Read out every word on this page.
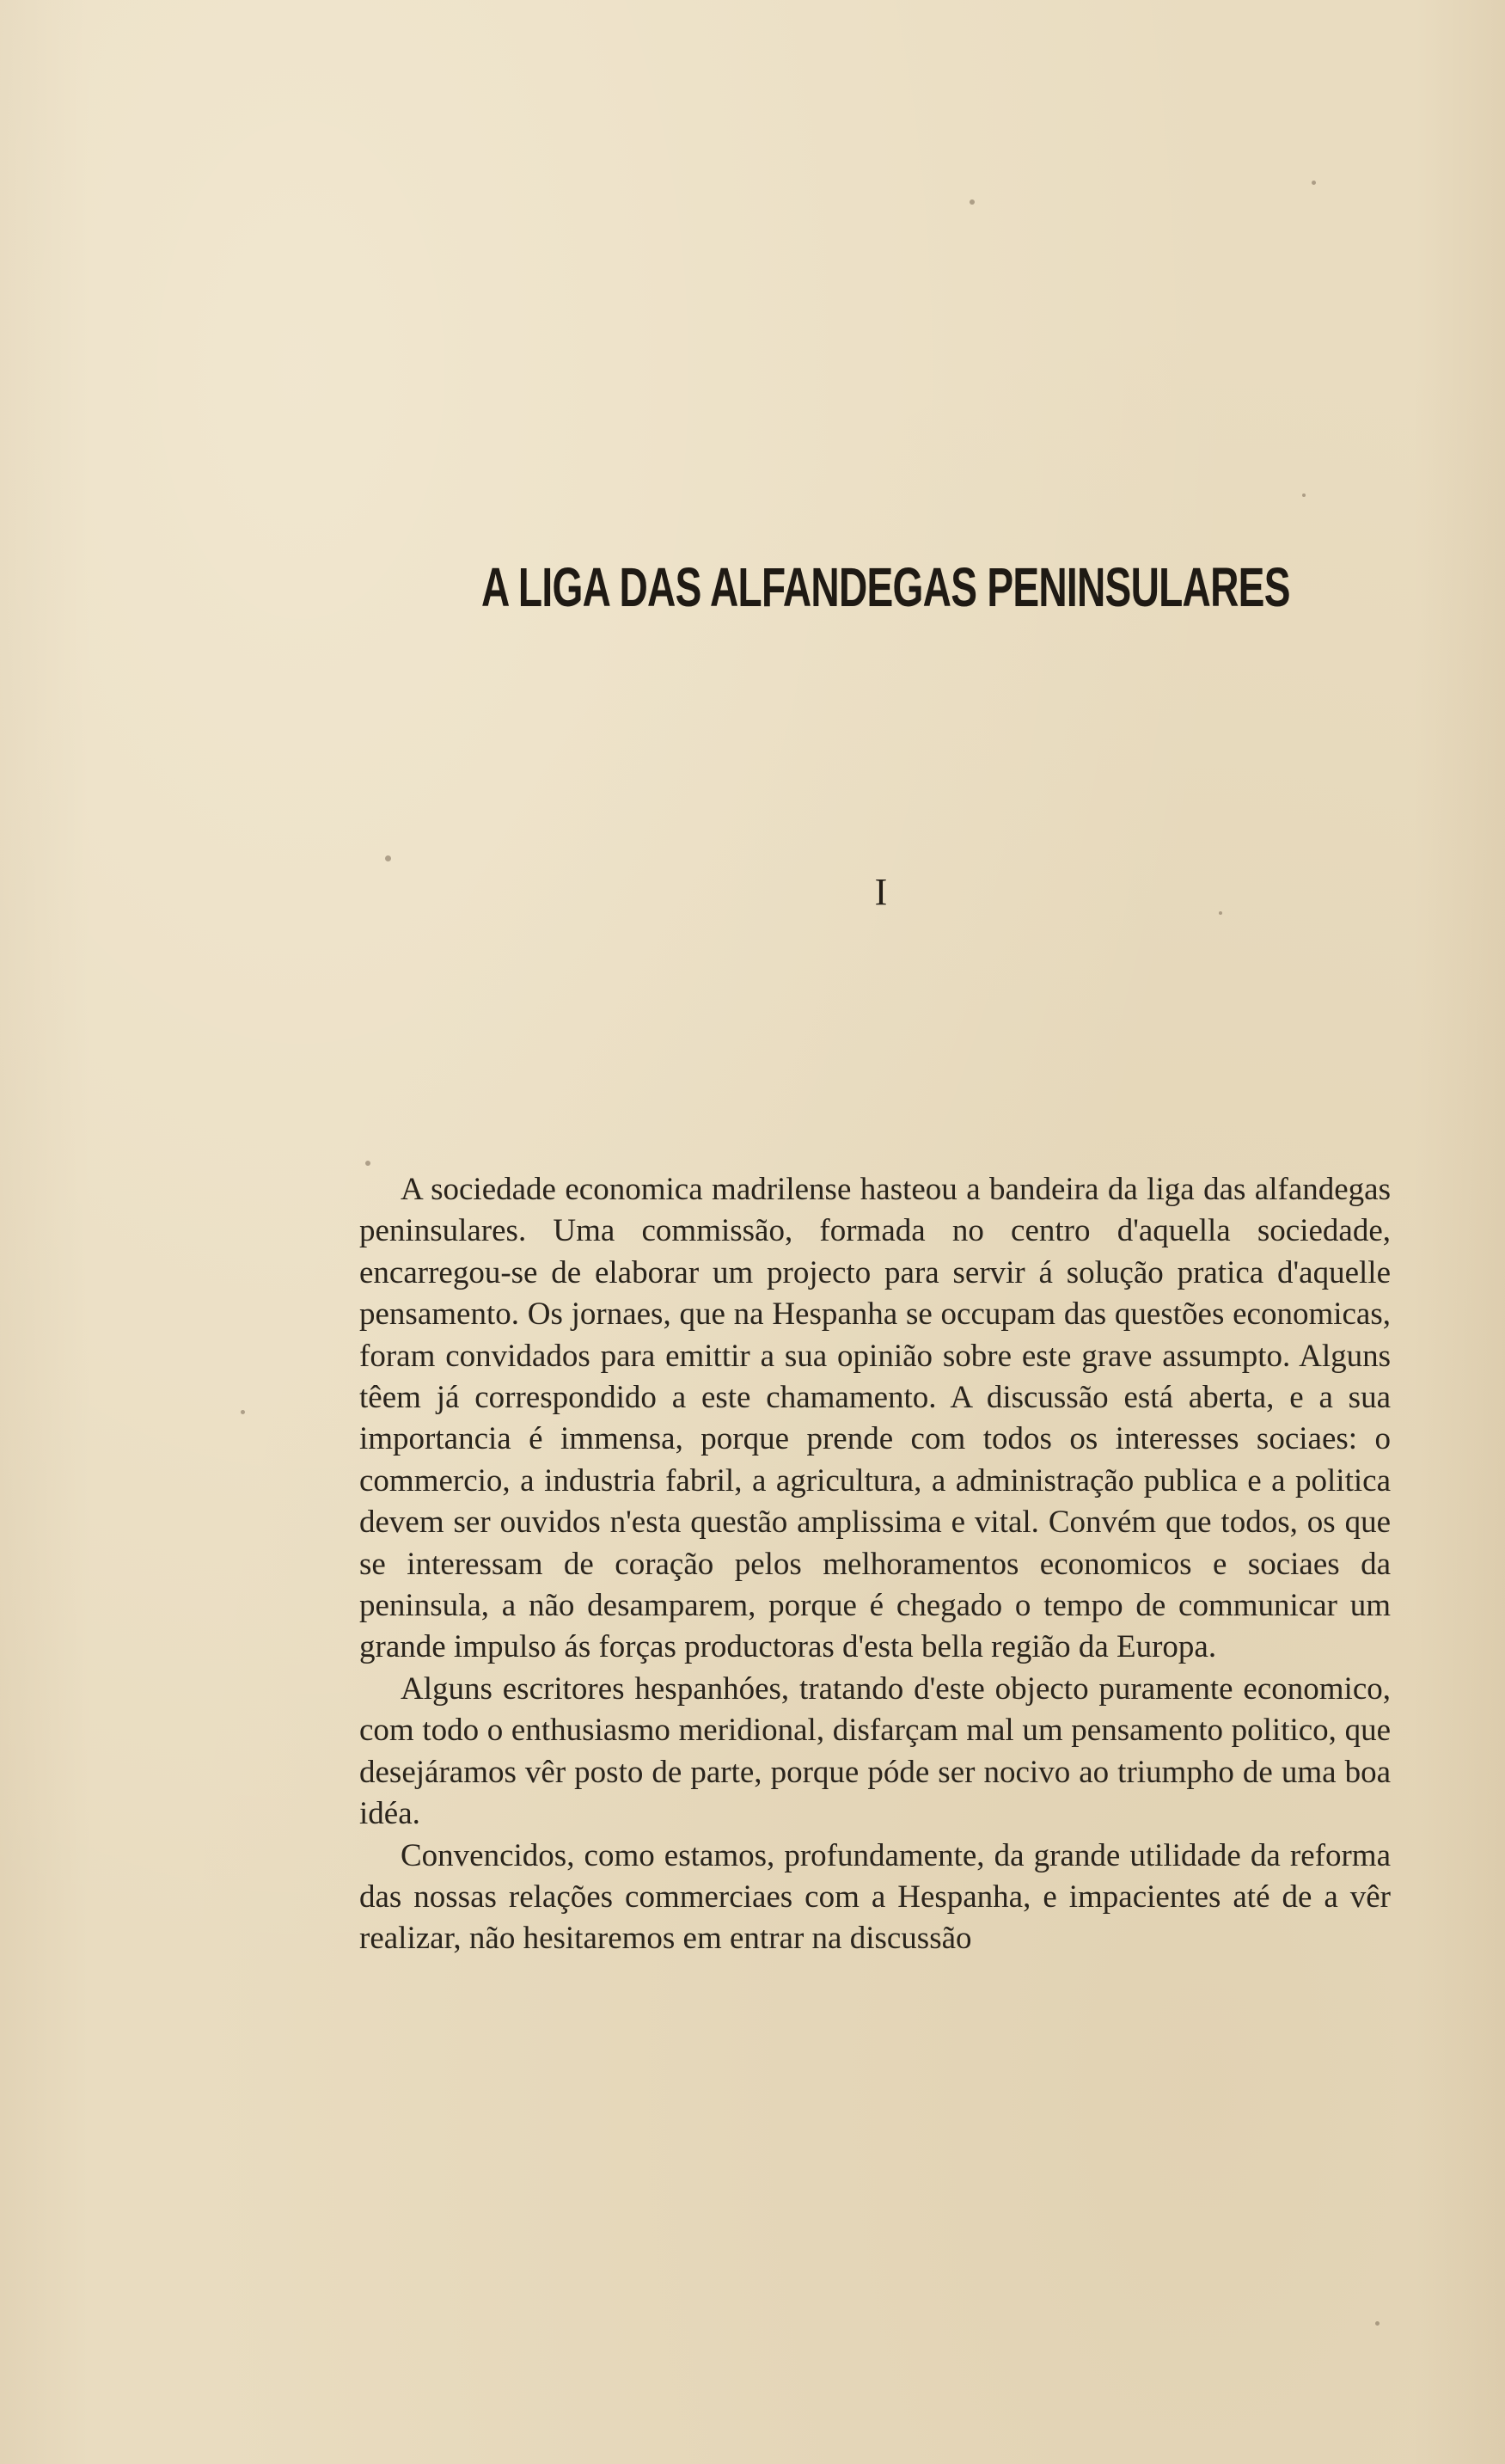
A LIGA DAS ALFANDEGAS PENINSULARES
I

A sociedade economica madrilense hasteou a bandeira da liga das alfandegas peninsulares. Uma commissão, formada no centro d'aquella sociedade, encarregou-se de elaborar um projecto para servir á solução pratica d'aquelle pensamento. Os jornaes, que na Hespanha se occupam das questões economicas, foram convidados para emittir a sua opinião sobre este grave assumpto. Alguns têem já correspondido a este chamamento. A discussão está aberta, e a sua importancia é immensa, porque prende com todos os interesses sociaes: o commercio, a industria fabril, a agricultura, a administração publica e a politica devem ser ouvidos n'esta questão amplissima e vital. Convém que todos, os que se interessam de coração pelos melhoramentos economicos e sociaes da peninsula, a não desamparem, porque é chegado o tempo de communicar um grande impulso ás forças productoras d'esta bella região da Europa.

Alguns escritores hespanhóes, tratando d'este objecto puramente economico, com todo o enthusiasmo meridional, disfarçam mal um pensamento politico, que desejáramos vêr posto de parte, porque póde ser nocivo ao triumpho de uma boa idéa.

Convencidos, como estamos, profundamente, da grande utilidade da reforma das nossas relações commerciaes com a Hespanha, e impacientes até de a vêr realizar, não hesitaremos em entrar na discussão
